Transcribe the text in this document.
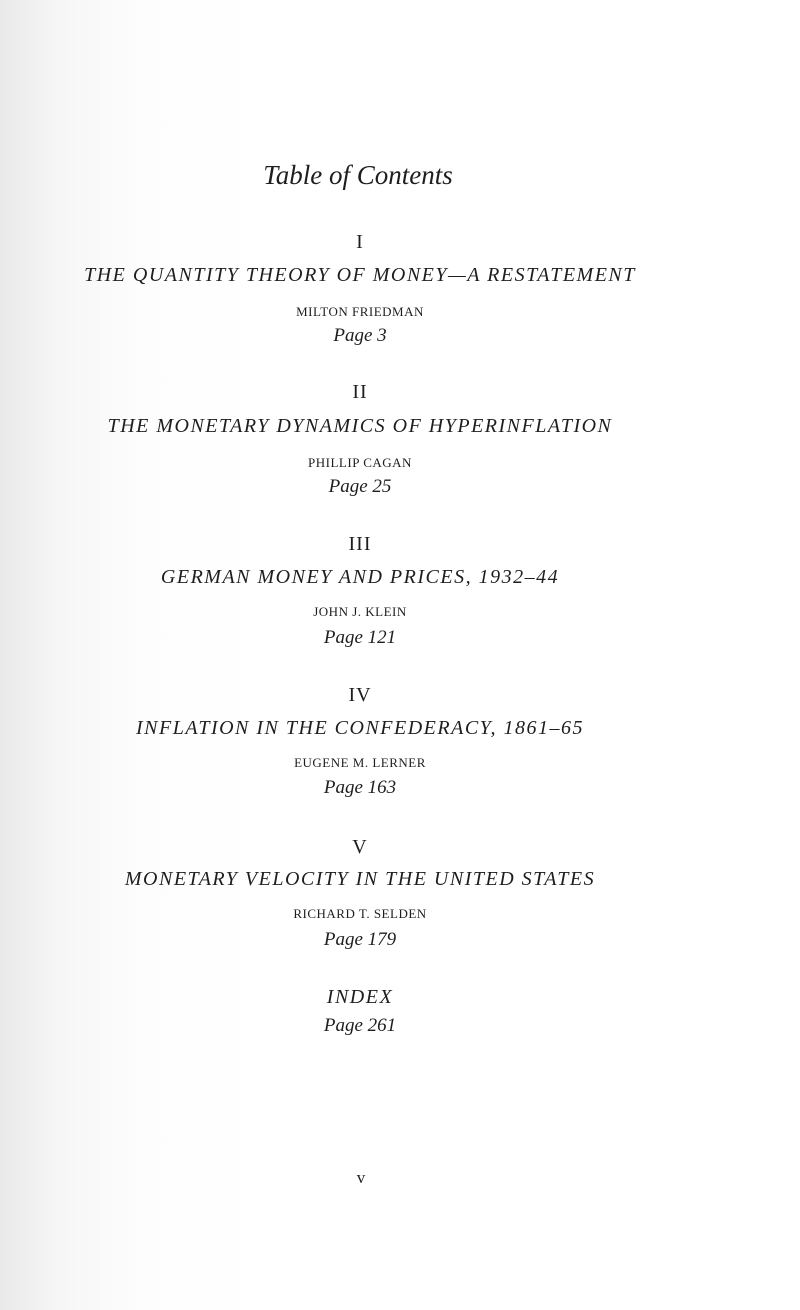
Table of Contents
I
THE QUANTITY THEORY OF MONEY—A RESTATEMENT
MILTON FRIEDMAN
Page 3
II
THE MONETARY DYNAMICS OF HYPERINFLATION
PHILLIP CAGAN
Page 25
III
GERMAN MONEY AND PRICES, 1932–44
JOHN J. KLEIN
Page 121
IV
INFLATION IN THE CONFEDERACY, 1861–65
EUGENE M. LERNER
Page 163
V
MONETARY VELOCITY IN THE UNITED STATES
RICHARD T. SELDEN
Page 179
INDEX
Page 261
v
